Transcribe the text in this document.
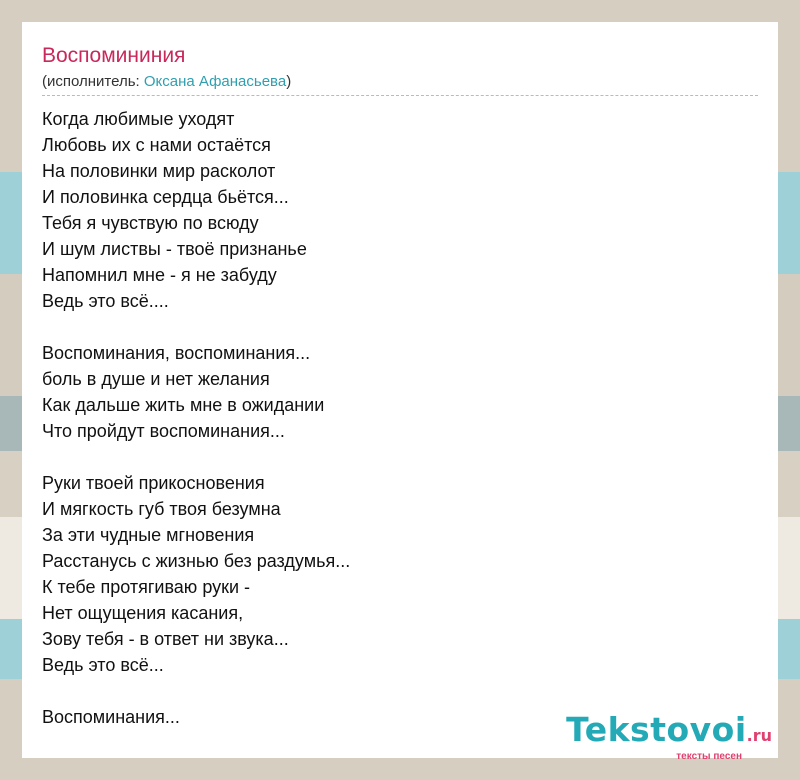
Воспомининия
(исполнитель: Оксана Афанасьева)
Когда любимые уходят
Любовь их с нами остаётся
На половинки мир расколот
И половинка сердца бьётся...
Тебя я чувствую по всюду
И шум листвы - твоё признанье
Напомнил мне - я не забуду
Ведь это всё....
Воспоминания, воспоминания...
боль в душе и нет желания
Как дальше жить мне в ожидании
Что пройдут воспоминания...
Руки твоей прикосновения
И мягкость губ твоя безумна
За эти чудные мгновения
Расстанусь с жизнью без раздумья...
К тебе протягиваю руки -
Нет ощущения касания,
Зову тебя - в ответ ни звука...
Ведь это всё...
Воспоминания...	Tekstovoi.ru
тексты песен
